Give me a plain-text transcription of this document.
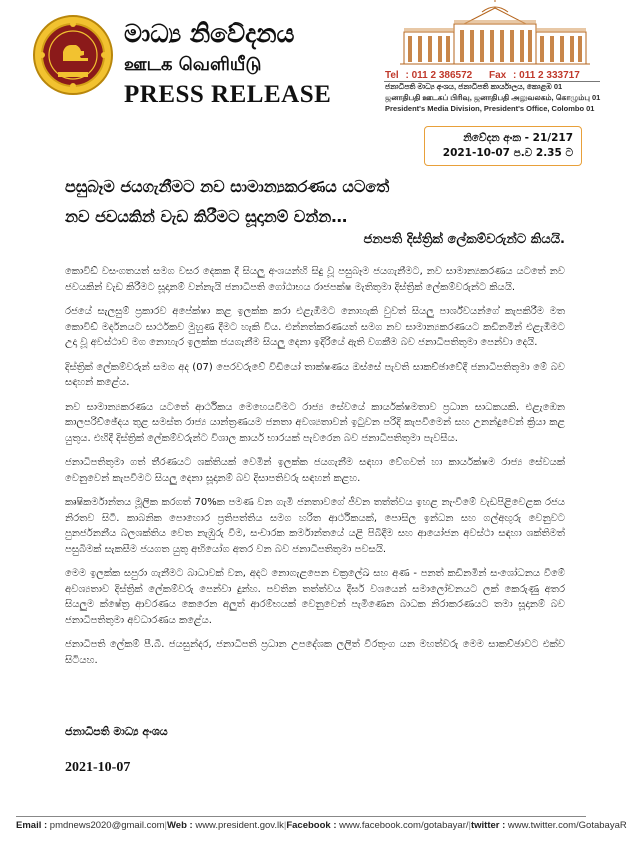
මාධ්‍ය නිවේදනය
ஊடக வெளியீடு
PRESS RELEASE
Tel : 011 2 386572 Fax : 011 2 333717
ජනාධිපති මාධ්‍ය අංශය, ජනාධිපති කාර්යාලය, කොළඹ 01
ஜனாதிபதி ஊடகப் பிரிவு, ஜனாதிபதி அலுவலகம், கொழும்பு 01
President's Media Division, President's Office, Colombo 01
නිවේදන අංක - 21/217
2021-10-07 ප.ව 2.35 ට
පසුබෑම ජයගැනීමට නව සාමාන්‍යකරණය යටතේ
නව ජවයකින් වැඩ කිරීමට සූදානම් වන්න…
ජනපති දිස්ත්‍රික් ලේකම්වරුන්ට කියයි.

කොවිඩ් වසංගතයත් සමග වසර දෙකක දී සියලු අංශයන්හි සිදු වූ පසුබෑම ජයගැනීමට, නව සාමාන්‍යකරණය යටතේ නව ජවයකින් වැඩ කිරීමට සූදානම් වන්නැයි ජනාධිපති ගෝඨාභය රාජපක්ෂ මැතිතුමා දිස්ත්‍රික් ලේකම්වරුන්ට කියයි.

රජයේ සැලසුම් ප්‍රකාරව අපේක්ෂා කළ ඉලක්ක කරා එළැඹීමට නොහැකි වුවත් සියලු පාර්ශ්වයන්ගේ කැපකිරීම මත කොවිඩ් මර්දනයට සාර්ථකව මුහුණ දීමට හැකි විය. එන්නත්කරණයත් සමග නව සාමාන්‍යකරණයට කඩිනමින් එළැඹීමට උදා වූ අවස්ථාව මග නොහැර ඉලක්ක ජයගැනීම සියලු දෙනා ඉදිරියේ ඇති වගකීම බව ජනාධිපතිතුමා පෙන්වා දෙයි.

දිස්ත්‍රික් ලේකම්වරුන් සමග අද (07) පෙරවරුවේ විඩියෝ තාක්ෂණය ඔස්සේ පැවති සාකච්ඡාවේදී ජනාධිපතිතුමා මේ බව සඳහන් කළේය.

නව සාමාන්‍යකරණය යටතේ ආර්ථිකය මෙහෙයවීමට රාජ්‍ය සේවයේ කාර්යක්ෂමතාව ප්‍රධාන සාධකයකි. එළැඹෙන කාලපරිච්ඡේදය තුළ සමස්ත රාජ්‍ය යාන්ත්‍රණයම ජනතා අවශ්‍යතාවන් ඉටුවන පරිදි කැපවීමෙන් සහ උනන්දුවෙන් ක්‍රියා කළ යුතුය. එහිදී දිස්ත්‍රික් ලේකම්වරුන්ට විශාල කාර්ය භාරයක් පැවරෙන බව ජනාධිපතිතුමා පැවසීය.

ජනාධිපතිතුමා ගත් තීරණයට ශක්තියක් වෙමින් ඉලක්ක ජයගැනීම සඳහා වේගවත් හා කාර්යක්ෂම රාජ්‍ය සේවයක් වෙනුවෙන් කැපවීමට සියලු දෙනා සූදානම් බව දිසාපතිවරු සඳහන් කළහ.

කෘෂිකර්මාන්තය මූලික කරගත් 70%ක පමණ වන ගැමි ජනතාවගේ ජීවන තත්ත්වය ඉහළ නැංවීමේ වැඩපිළිවෙළක රජය නිරතව සිටී. කාබනික පොහොර ප්‍රතිපත්තිය සමග හරිත ආර්ථිකයක්, පොසිල ඉන්ධන සහ ගල්අඟුරු වෙනුවට පුනර්ජනනීය බලශක්තිය වෙත නැඹුරු වීම, සංචාරක කර්මාන්තයේ යළි පිබිදීම සහ ආයෝජන අවස්ථා සඳහා ශක්තිමත් පසුබිමක් සැකසීම ජයගත යුතු අභියෝග අතර වන බව ජනාධිපතිතුමා පවසයි.

මෙම ඉලක්ක සපුරා ගැනීමට බාධාවක් වන, අදට නොගැළපෙන චක්‍රලේඛ සහ අණ - පනත් කඩිනමින් සංශෝධනය වීමේ අවශ්‍යතාව දිස්ත්‍රික් ලේකම්වරු පෙන්වා දුන්හ. පවතින තත්ත්වය දීර්ඝ වශයෙන් සමාලෝචනයට ලක් කෙරුණු අතර සියලුම ක්ෂේත්‍ර ආවරණය කෙරෙන අලුත් ආරම්භයක් වෙනුවෙන් පැමිණෙන බාධක නිරාකරණයට තමා සූදානම් බව ජනාධිපතිතුමා අවධාරණය කළේය.

ජනාධිපති ලේකම් පී.බී. ජයසුන්දර, ජනාධිපති ප්‍රධාන උපදේශක ලලිත් වීරතුංග යන මහත්වරු මෙම සාකච්ඡාවට එක්ව සිටියහ.

ජනාධිපති මාධ්‍ය අංශය
2021-10-07
Email : pmdnews2020@gmail.com | Web : www.president.gov.lk | Facebook : www.facebook.com/gotabayar/ | twitter : www.twitter.com/GotabayaR
